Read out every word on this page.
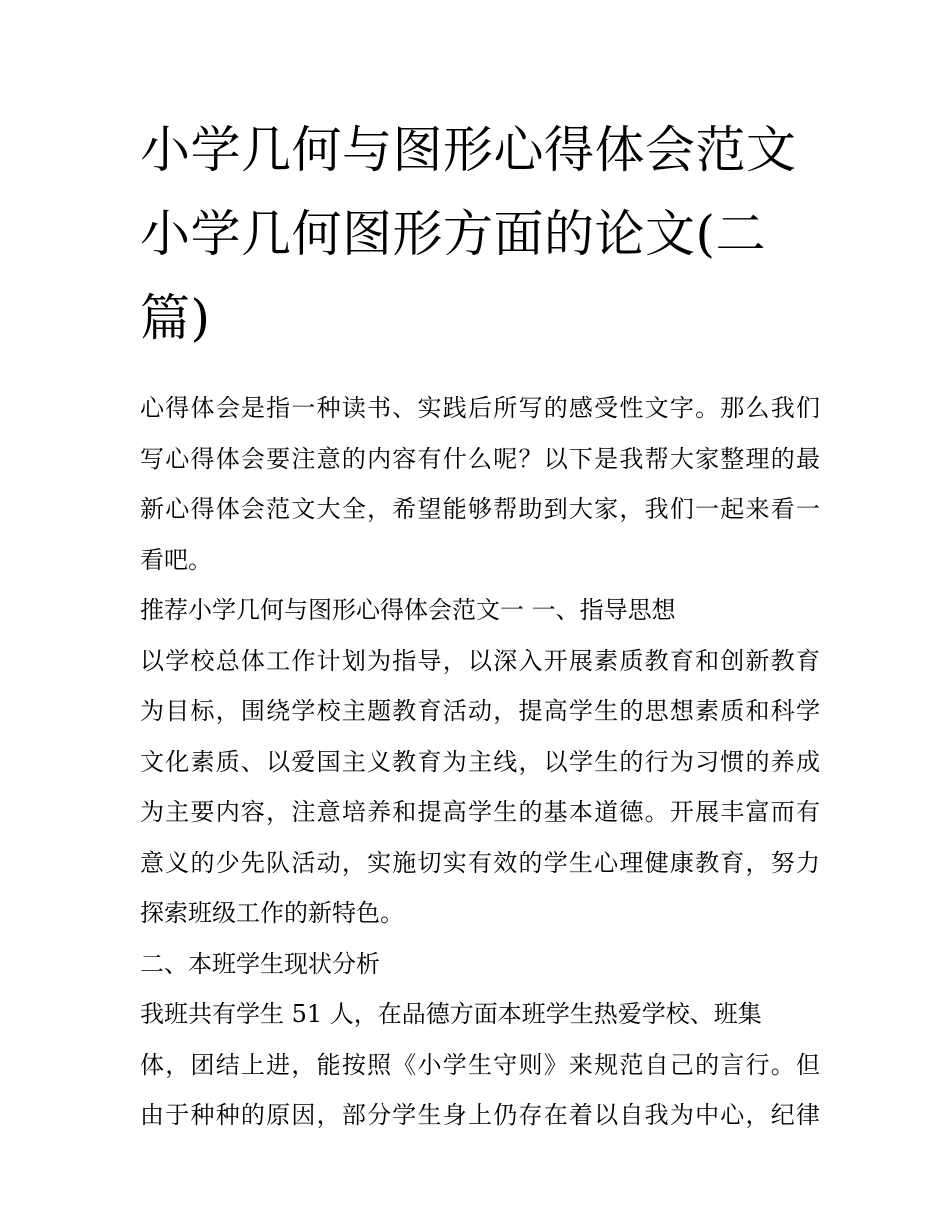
小学几何与图形心得体会范文
小学几何图形方面的论文(二
篇)
心得体会是指一种读书、实践后所写的感受性文字。那么我们
写心得体会要注意的内容有什么呢？以下是我帮大家整理的最
新心得体会范文大全，希望能够帮助到大家，我们一起来看一
看吧。
推荐小学几何与图形心得体会范文一 一、指导思想
以学校总体工作计划为指导，以深入开展素质教育和创新教育
为目标，围绕学校主题教育活动，提高学生的思想素质和科学
文化素质、以爱国主义教育为主线，以学生的行为习惯的养成
为主要内容，注意培养和提高学生的基本道德。开展丰富而有
意义的少先队活动，实施切实有效的学生心理健康教育，努力
探索班级工作的新特色。
二、本班学生现状分析
我班共有学生 51 人，在品德方面本班学生热爱学校、班集
体，团结上进，能按照《小学生守则》来规范自己的言行。但
由于种种的原因，部分学生身上仍存在着以自我为中心，纪律
